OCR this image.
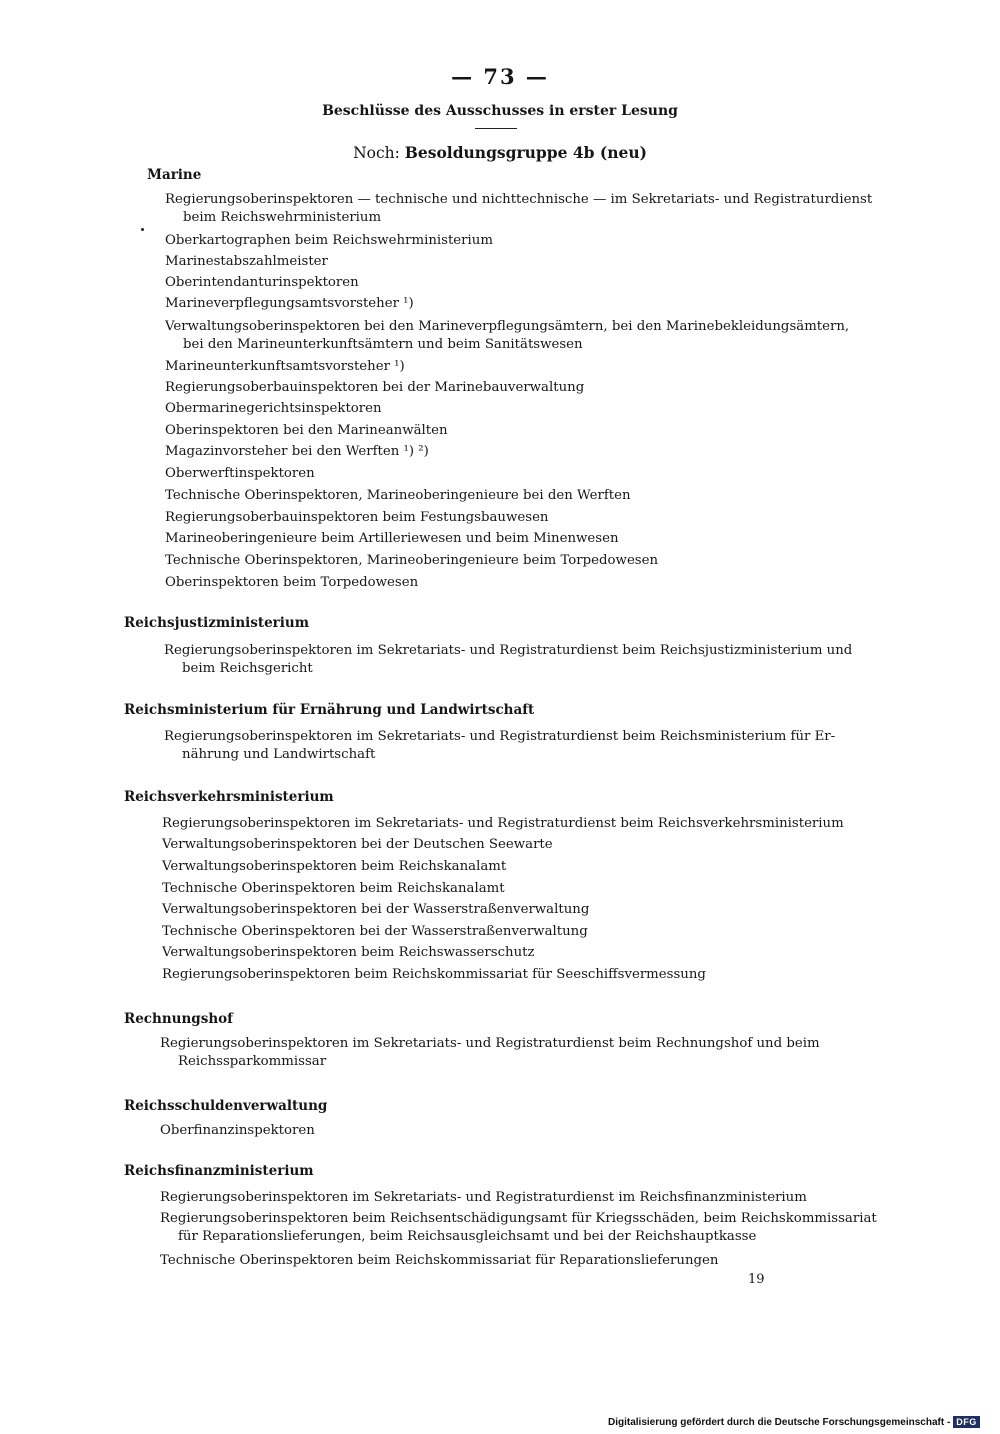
— 73 —
Beschlüsse des Ausschusses in erster Lesung
Noch: Besoldungsgruppe 4b (neu)
Marine
Regierungsoberinspektoren — technische und nichttechnische — im Sekretariats- und Registraturdienst
beim Reichswehrministerium
Oberkartographen beim Reichswehrministerium
Marinestabszahlmeister
Oberintendanturinspektoren
Marineverpflegungsamtsvorsteher ¹)
Verwaltungsoberinspektoren bei den Marineverpflegungsämtern, bei den Marinebekleidungsämtern,
bei den Marineunterkunftsämtern und beim Sanitätswesen
Marineunterkunftsamtsvorsteher ¹)
Regierungsoberbauinspektoren bei der Marinebauverwaltung
Obermarinegerichtsinspektoren
Oberinspektoren bei den Marineanwälten
Magazinvorsteher bei den Werften ¹) ²)
Oberwerftinspektoren
Technische Oberinspektoren, Marineoberingenieure bei den Werften
Regierungsoberbauinspektoren beim Festungsbauwesen
Marineoberingenieure beim Artilleriewesen und beim Minenwesen
Technische Oberinspektoren, Marineoberingenieure beim Torpedowesen
Oberinspektoren beim Torpedowesen
Reichsjustizministerium
Regierungsoberinspektoren im Sekretariats- und Registraturdienst beim Reichsjustizministerium und
beim Reichsgericht
Reichsministerium für Ernährung und Landwirtschaft
Regierungsoberinspektoren im Sekretariats- und Registraturdienst beim Reichsministerium für Er-
nährung und Landwirtschaft
Reichsverkehrsministerium
Regierungsoberinspektoren im Sekretariats- und Registraturdienst beim Reichsverkehrsministerium
Verwaltungsoberinspektoren bei der Deutschen Seewarte
Verwaltungsoberinspektoren beim Reichskanalamt
Technische Oberinspektoren beim Reichskanalamt
Verwaltungsoberinspektoren bei der Wasserstraßenverwaltung
Technische Oberinspektoren bei der Wasserstraßenverwaltung
Verwaltungsoberinspektoren beim Reichswasserschutz
Regierungsoberinspektoren beim Reichskommissariat für Seeschiffsvermessung
Rechnungshof
Regierungsoberinspektoren im Sekretariats- und Registraturdienst beim Rechnungshof und beim
Reichssparkommissar
Reichsschuldenverwaltung
Oberfinanzinspektoren
Reichsfinanzministerium
Regierungsoberinspektoren im Sekretariats- und Registraturdienst im Reichsfinanzministerium
Regierungsoberinspektoren beim Reichsentschädigungsamt für Kriegsschäden, beim Reichskommissariat
für Reparationslieferungen, beim Reichsausgleichsamt und bei der Reichshauptkasse
Technische Oberinspektoren beim Reichskommissariat für Reparationslieferungen
19
Digitalisierung gefördert durch die Deutsche Forschungsgemeinschaft - DFG
